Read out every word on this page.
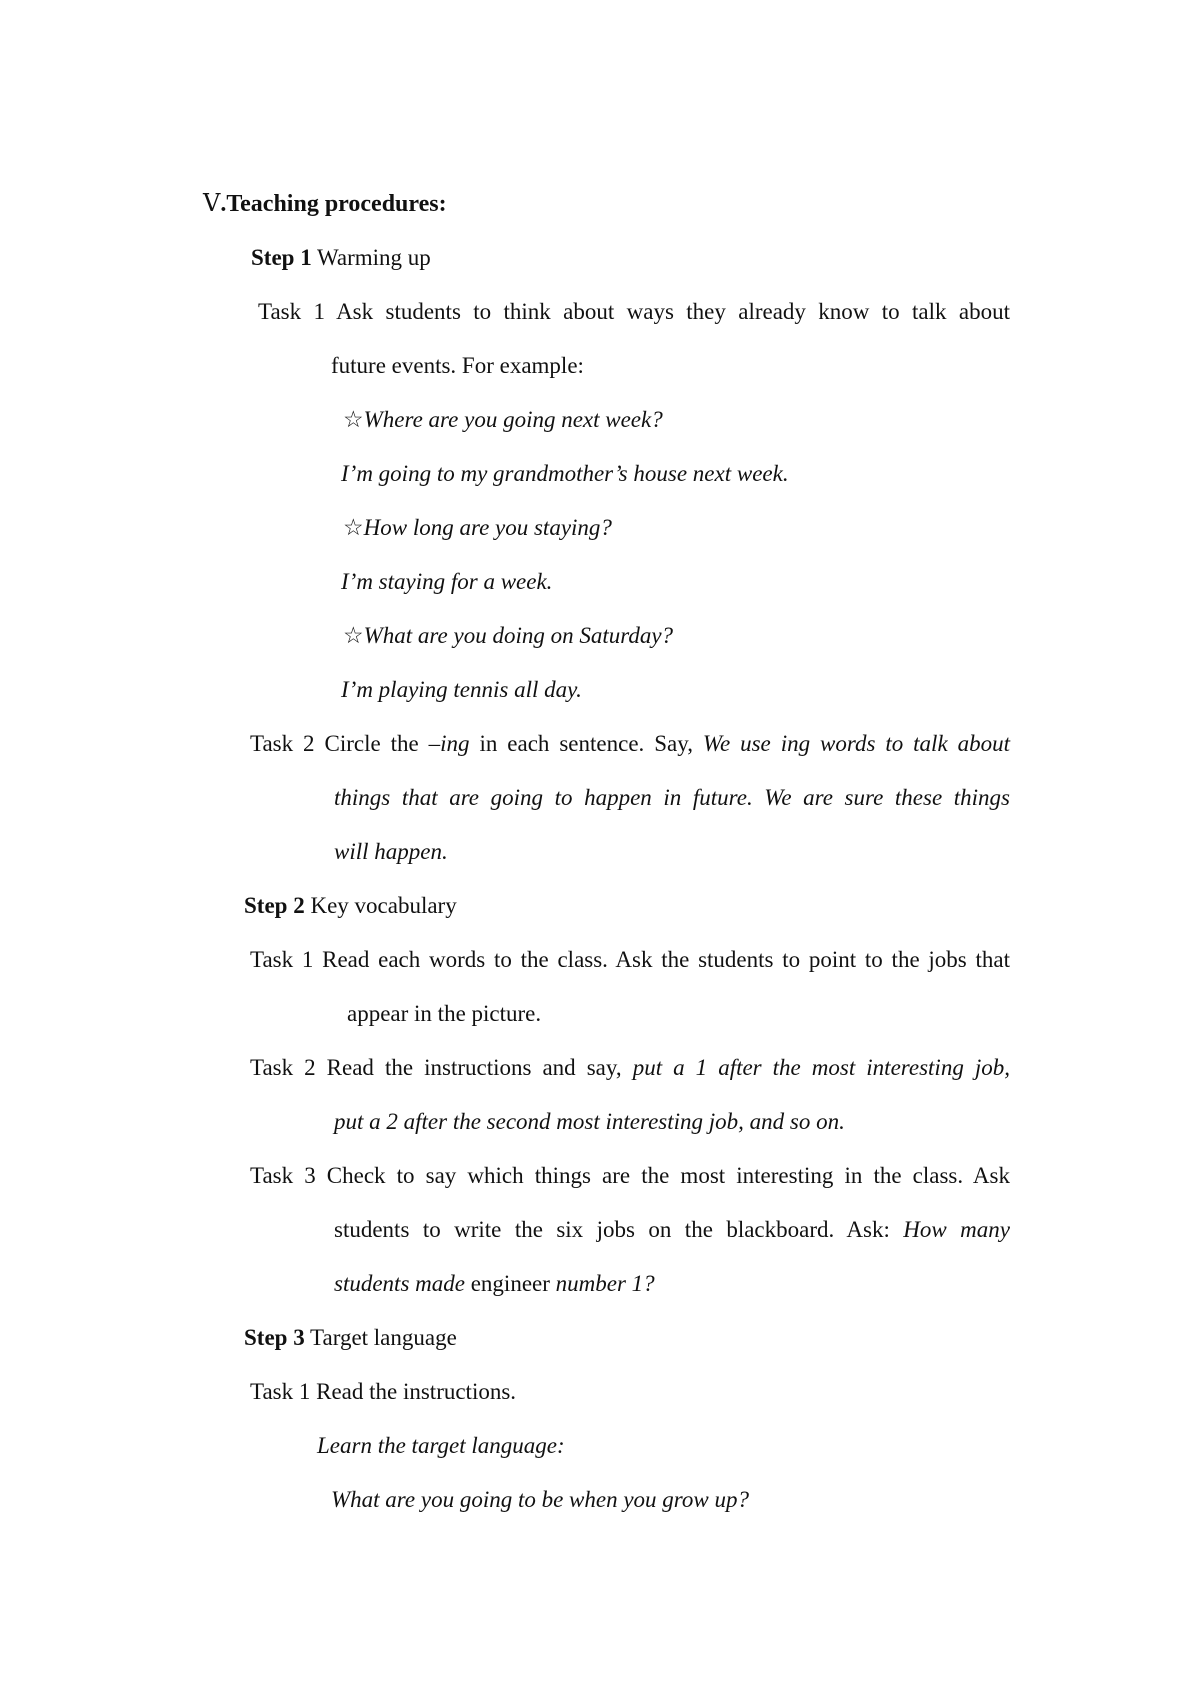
Ⅴ.Teaching procedures:
Step 1 Warming up
Task 1 Ask students to think about ways they already know to talk about
future events. For example:
☆Where are you going next week?
I’m going to my grandmother’s house next week.
☆How long are you staying?
I’m staying for a week.
☆What are you doing on Saturday?
I’m playing tennis all day.
Task 2 Circle the –ing in each sentence. Say, We use ing words to talk about
things that are going to happen in future. We are sure these things
will happen.
Step 2 Key vocabulary
Task 1 Read each words to the class. Ask the students to point to the jobs that
appear in the picture.
Task 2 Read the instructions and say, put a 1 after the most interesting job,
put a 2 after the second most interesting job, and so on.
Task 3 Check to say which things are the most interesting in the class. Ask
students to write the six jobs on the blackboard. Ask: How many
students made engineer number 1?
Step 3 Target language
Task 1 Read the instructions.
Learn the target language:
What are you going to be when you grow up?
